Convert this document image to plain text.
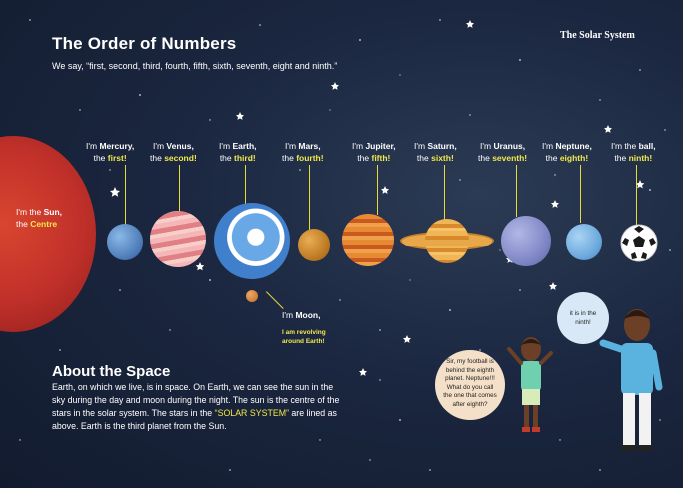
The Order of Numbers
We say, “first, second, third, fourth, fifth, sixth, seventh, eight and ninth.”
The Solar System
I'm the Sun,
the Centre
I'm Mercury,
the first!
I'm Venus,
the second!
I'm Earth,
the third!
I'm Mars,
the fourth!
I'm Jupiter,
the fifth!
I'm Saturn,
the sixth!
I'm Uranus,
the seventh!
I'm Neptune,
the eighth!
I'm the ball,
the ninth!
I'm Moon,
I am revolving around Earth!
About the Space
Earth, on which we live, is in space. On Earth, we can see the sun in the sky during the day and moon during the night. The sun is the centre of the stars in the solar system. The stars in the “SOLAR SYSTEM” are lined as above. Earth is the third planet from the Sun.
it is in the ninth!
Sir, my football is behind the eighth planet. Neptune!!! What do you call the one that comes after eighth?
